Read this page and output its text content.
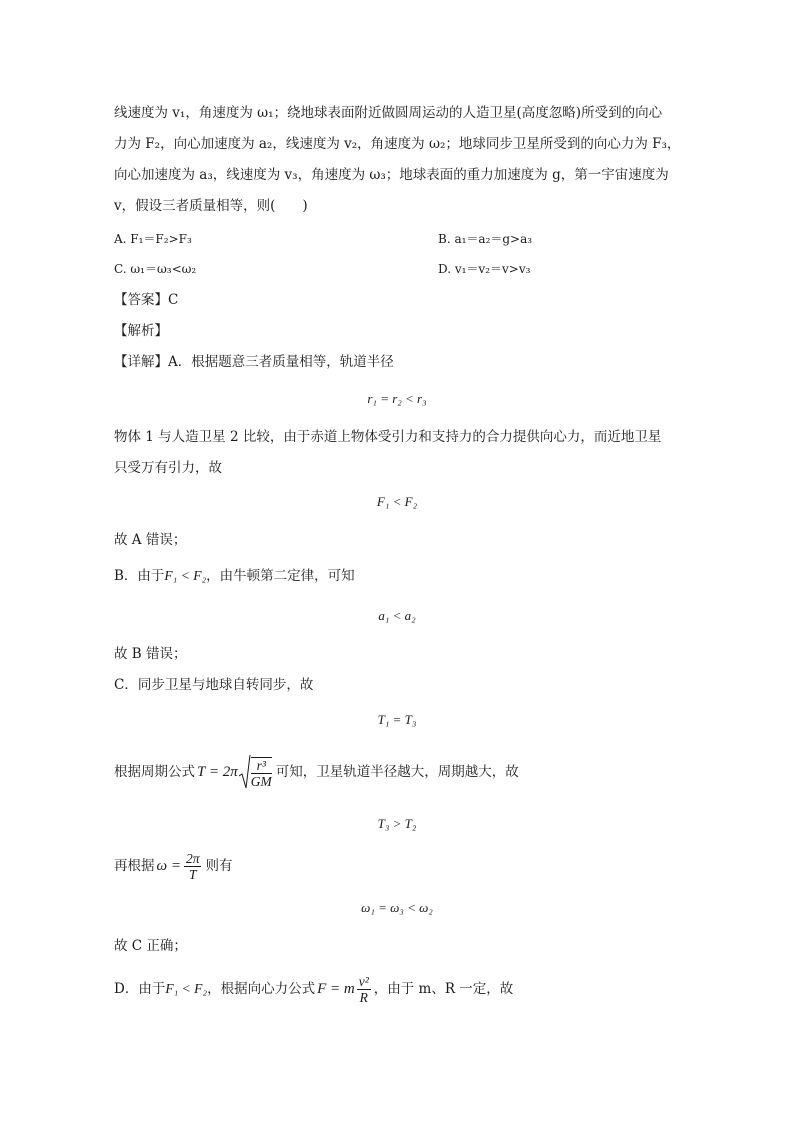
线速度为 v₁，角速度为 ω₁；绕地球表面附近做圆周运动的人造卫星(高度忽略)所受到的向心
力为 F₂，向心加速度为 a₂，线速度为 v₂，角速度为 ω₂；地球同步卫星所受到的向心力为 F₃，
向心加速度为 a₃，线速度为 v₃，角速度为 ω₃；地球表面的重力加速度为 g，第一宇宙速度为
v，假设三者质量相等，则(　　)
A. F₁＝F₂>F₃	B. a₁＝a₂＝g>a₃
C. ω₁＝ω₃<ω₂	D. v₁＝v₂＝v>v₃
【答案】C
【解析】
【详解】A．根据题意三者质量相等，轨道半径
r₁ = r₂ < r₃
物体 1 与人造卫星 2 比较，由于赤道上物体受引力和支持力的合力提供向心力，而近地卫星
只受万有引力，故
F₁ < F₂
故 A 错误；
B．由于F₁ < F₂，由牛顿第二定律，可知
a₁ < a₂
故 B 错误；
C．同步卫星与地球自转同步，故
T₁ = T₃
根据周期公式 $T = 2\pi \frac{\text{r³}}{GM}$ 可知，卫星轨道半径越大，周期越大，故
T₃ > T₂
再根据 $\omega = \frac{2\pi}{T}$ 则有
ω₁ = ω₃ < ω₂
故 C 正确；
D．由于 F₁ < F₂ ，根据向心力公式 F = m $\frac{\text{v²}}{R}$ ，由于 m、R 一定，故
